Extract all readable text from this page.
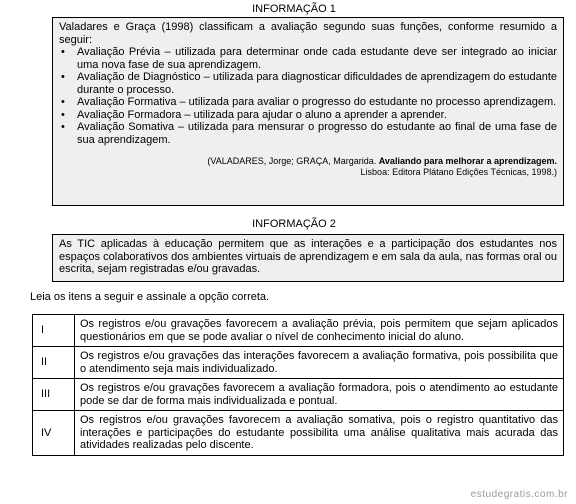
INFORMAÇÃO 1
Valadares e Graça (1998) classificam a avaliação segundo suas funções, conforme resumido a seguir:
• Avaliação Prévia – utilizada para determinar onde cada estudante deve ser integrado ao iniciar uma nova fase de sua aprendizagem.
• Avaliação de Diagnóstico – utilizada para diagnosticar dificuldades de aprendizagem do estudante durante o processo.
• Avaliação Formativa – utilizada para avaliar o progresso do estudante no processo aprendizagem.
• Avaliação Formadora – utilizada para ajudar o aluno a aprender a aprender.
• Avaliação Somativa – utilizada para mensurar o progresso do estudante ao final de uma fase de sua aprendizagem.
(VALADARES, Jorge; GRAÇA, Margarida. Avaliando para melhorar a aprendizagem.
Lisboa: Editora Plátano Edições Técnicas, 1998.)
INFORMAÇÃO 2
As TIC aplicadas à educação permitem que as interações e a participação dos estudantes nos espaços colaborativos dos ambientes virtuais de aprendizagem e em sala da aula, nas formas oral ou escrita, sejam registradas e/ou gravadas.
Leia os itens a seguir e assinale a opção correta.
I	Os registros e/ou gravações favorecem a avaliação prévia, pois permitem que sejam aplicados questionários em que se pode avaliar o nível de conhecimento inicial do aluno.
II	Os registros e/ou gravações das interações favorecem a avaliação formativa, pois possibilita que o atendimento seja mais individualizado.
III	Os registros e/ou gravações favorecem a avaliação formadora, pois o atendimento ao estudante pode se dar de forma mais individualizada e pontual.
IV	Os registros e/ou gravações favorecem a avaliação somativa, pois o registro quantitativo das interações e participações do estudante possibilita uma análise qualitativa mais acurada das atividades realizadas pelo discente.
estudegratis.com.br
